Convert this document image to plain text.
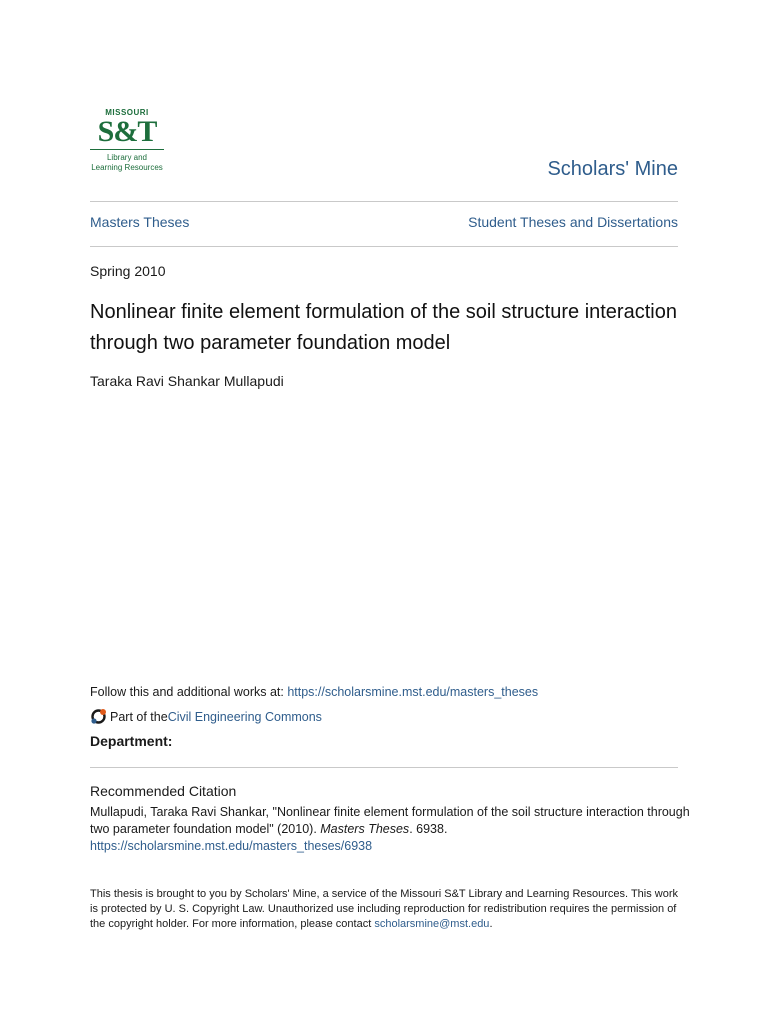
MISSOURI
S&T
Library and
Learning Resources	Scholars' Mine
Masters Theses	Student Theses and Dissertations
Spring 2010
Nonlinear finite element formulation of the soil structure interaction through two parameter foundation model
Taraka Ravi Shankar Mullapudi
Follow this and additional works at: https://scholarsmine.mst.edu/masters_theses
Part of the Civil Engineering Commons
Department:
Recommended Citation
Mullapudi, Taraka Ravi Shankar, "Nonlinear finite element formulation of the soil structure interaction through two parameter foundation model" (2010). Masters Theses. 6938.
https://scholarsmine.mst.edu/masters_theses/6938
This thesis is brought to you by Scholars' Mine, a service of the Missouri S&T Library and Learning Resources. This work is protected by U. S. Copyright Law. Unauthorized use including reproduction for redistribution requires the permission of the copyright holder. For more information, please contact scholarsmine@mst.edu.
